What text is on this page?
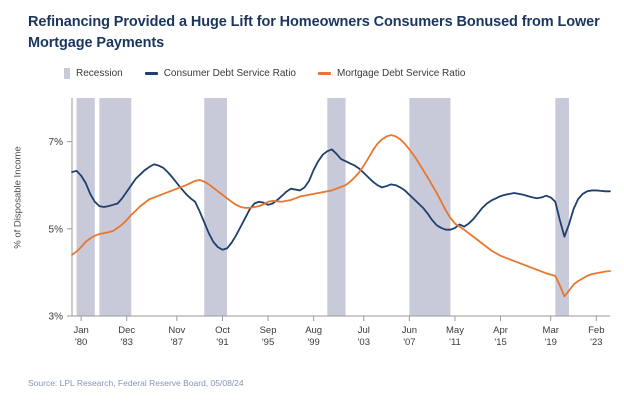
Refinancing Provided a Huge Lift for Homeowners Consumers Bonused from Lower Mortgage Payments
Recession	Consumer Debt Service Ratio	Mortgage Debt Service Ratio
% of Disposable Income
3%
5%
7%
Jan
'80
Dec
'83
Nov
'87
Oct
'91
Sep
'95
Aug
'99
Jul
'03
Jun
'07
May
'11
Apr
'15
Mar
'19
Feb
'23
Source: LPL Research, Federal Reserve Board, 05/08/24
